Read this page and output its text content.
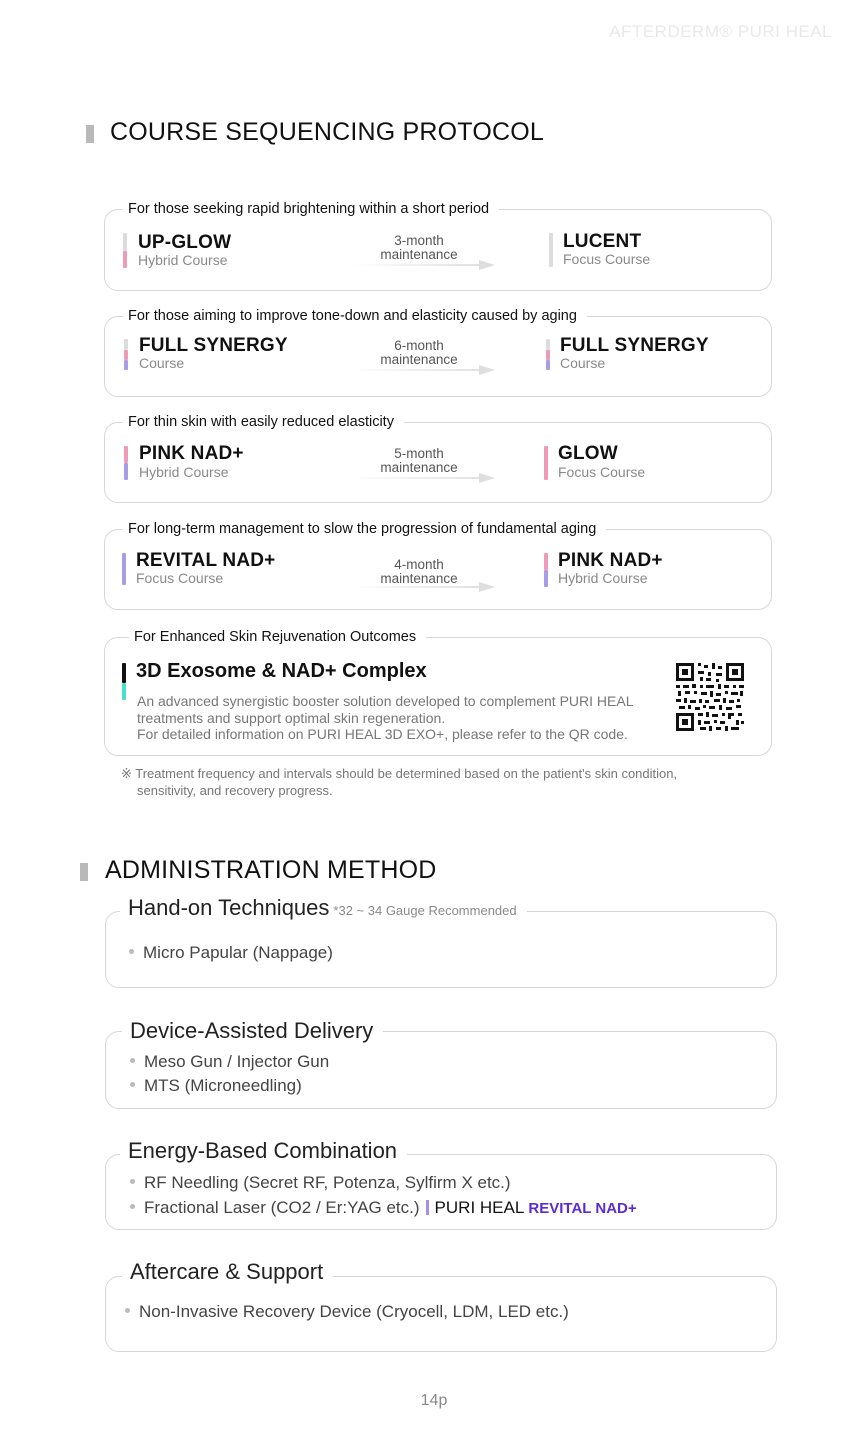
AFTERDERM® PURI HEAL
COURSE SEQUENCING PROTOCOL
For those seeking rapid brightening within a short period
UP-GLOW
Hybrid Course
3-month
maintenance
LUCENT
Focus Course
For those aiming to improve tone-down and elasticity caused by aging
FULL SYNERGY
Course
6-month
maintenance
FULL SYNERGY
Course
For thin skin with easily reduced elasticity
PINK NAD+
Hybrid Course
5-month
maintenance
GLOW
Focus Course
For long-term management to slow the progression of fundamental aging
REVITAL NAD+
Focus Course
4-month
maintenance
PINK NAD+
Hybrid Course
For Enhanced Skin Rejuvenation Outcomes
3D Exosome & NAD+ Complex
An advanced synergistic booster solution developed to complement PURI HEAL
treatments and support optimal skin regeneration.
For detailed information on PURI HEAL 3D EXO+, please refer to the QR code.
※ Treatment frequency and intervals should be determined based on the patient's skin condition,
sensitivity, and recovery progress.
ADMINISTRATION METHOD
Hand-on Techniques *32 ~ 34 Gauge Recommended
Micro Papular (Nappage)
Device-Assisted Delivery
Meso Gun / Injector Gun
MTS (Microneedling)
Energy-Based Combination
RF Needling (Secret RF, Potenza, Sylfirm X etc.)
Fractional Laser (CO2 / Er:YAG etc.) PURI HEAL REVITAL NAD+
Aftercare & Support
Non-Invasive Recovery Device (Cryocell, LDM, LED etc.)
14p
